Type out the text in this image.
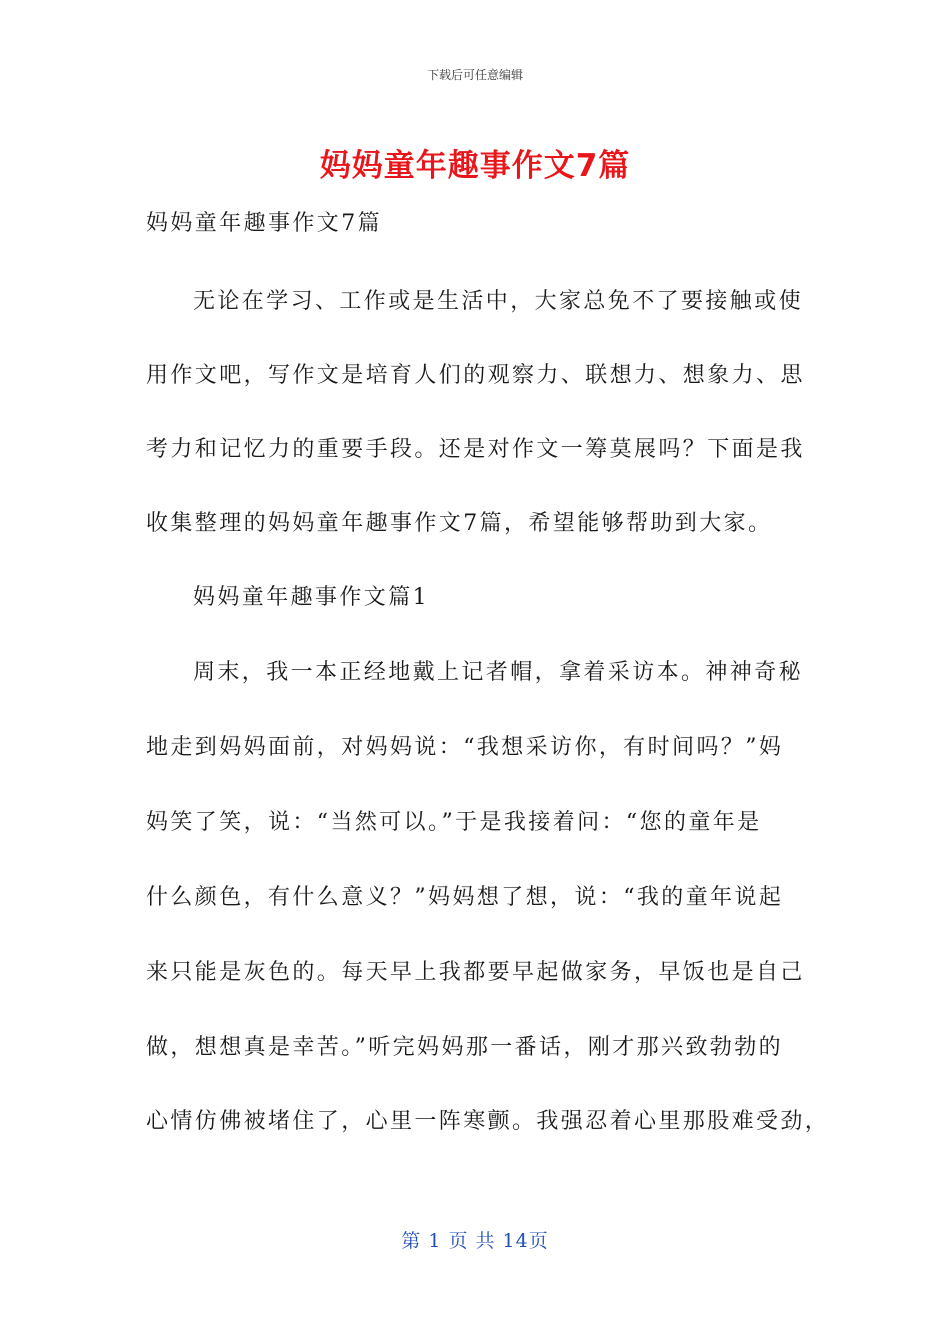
下载后可任意编辑
妈妈童年趣事作文7篇
妈妈童年趣事作文7篇
无论在学习、工作或是生活中，大家总免不了要接触或使
用作文吧，写作文是培育人们的观察力、联想力、想象力、思
考力和记忆力的重要手段。还是对作文一筹莫展吗？下面是我
收集整理的妈妈童年趣事作文7篇，希望能够帮助到大家。
妈妈童年趣事作文篇1
周末，我一本正经地戴上记者帽，拿着采访本。神神奇秘
地走到妈妈面前，对妈妈说：“我想采访你，有时间吗？”妈
妈笑了笑，说：“当然可以。”于是我接着问：“您的童年是
什么颜色，有什么意义？”妈妈想了想，说：“我的童年说起
来只能是灰色的。每天早上我都要早起做家务，早饭也是自己
做，想想真是幸苦。”听完妈妈那一番话，刚才那兴致勃勃的
心情仿佛被堵住了，心里一阵寒颤。我强忍着心里那股难受劲，
第 1 页 共 14页
